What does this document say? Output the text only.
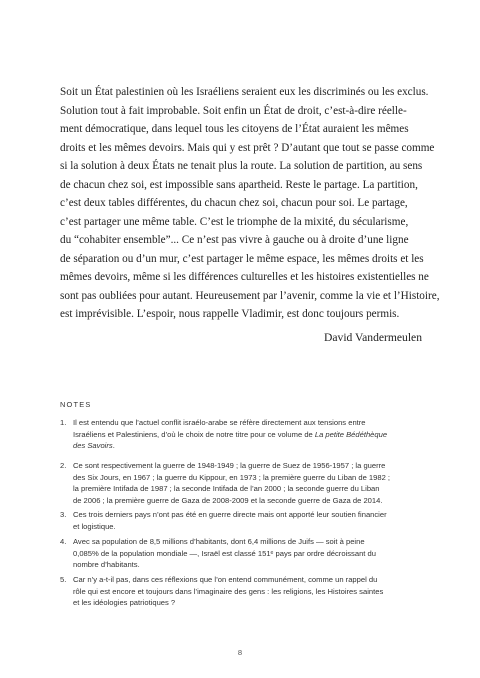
Soit un État palestinien où les Israéliens seraient eux les discriminés ou les exclus.
Solution tout à fait improbable. Soit enfin un État de droit, c’est-à-dire réelle-
ment démocratique, dans lequel tous les citoyens de l’État auraient les mêmes
droits et les mêmes devoirs. Mais qui y est prêt ? D’autant que tout se passe comme
si la solution à deux États ne tenait plus la route. La solution de partition, au sens
de chacun chez soi, est impossible sans apartheid. Reste le partage. La partition,
c’est deux tables différentes, du chacun chez soi, chacun pour soi. Le partage,
c’est partager une même table. C’est le triomphe de la mixité, du sécularisme,
du “cohabiter ensemble”... Ce n’est pas vivre à gauche ou à droite d’une ligne
de séparation ou d’un mur, c’est partager le même espace, les mêmes droits et les
mêmes devoirs, même si les différences culturelles et les histoires existentielles ne
sont pas oubliées pour autant. Heureusement par l’avenir, comme la vie et l’Histoire,
est imprévisible. L’espoir, nous rappelle Vladimir, est donc toujours permis.
David Vandermeulen
NOTES
1. Il est entendu que l’actuel conflit israélo-arabe se réfère directement aux tensions entre
Israéliens et Palestiniens, d’où le choix de notre titre pour ce volume de La petite Bédéthèque
des Savoirs.
2. Ce sont respectivement la guerre de 1948-1949 ; la guerre de Suez de 1956-1957 ; la guerre
des Six Jours, en 1967 ; la guerre du Kippour, en 1973 ; la première guerre du Liban de 1982 ;
la première Intifada de 1987 ; la seconde Intifada de l’an 2000 ; la seconde guerre du Liban
de 2006 ; la première guerre de Gaza de 2008-2009 et la seconde guerre de Gaza de 2014.
3. Ces trois derniers pays n’ont pas été en guerre directe mais ont apporté leur soutien financier
et logistique.
4. Avec sa population de 8,5 millions d’habitants, dont 6,4 millions de Juifs — soit à peine
0,085% de la population mondiale —, Israël est classé 151ᵉ pays par ordre décroissant du
nombre d’habitants.
5. Car n’y a-t-il pas, dans ces réflexions que l’on entend communément, comme un rappel du
rôle qui est encore et toujours dans l’imaginaire des gens : les religions, les Histoires saintes
et les idéologies patriotiques ?
8
